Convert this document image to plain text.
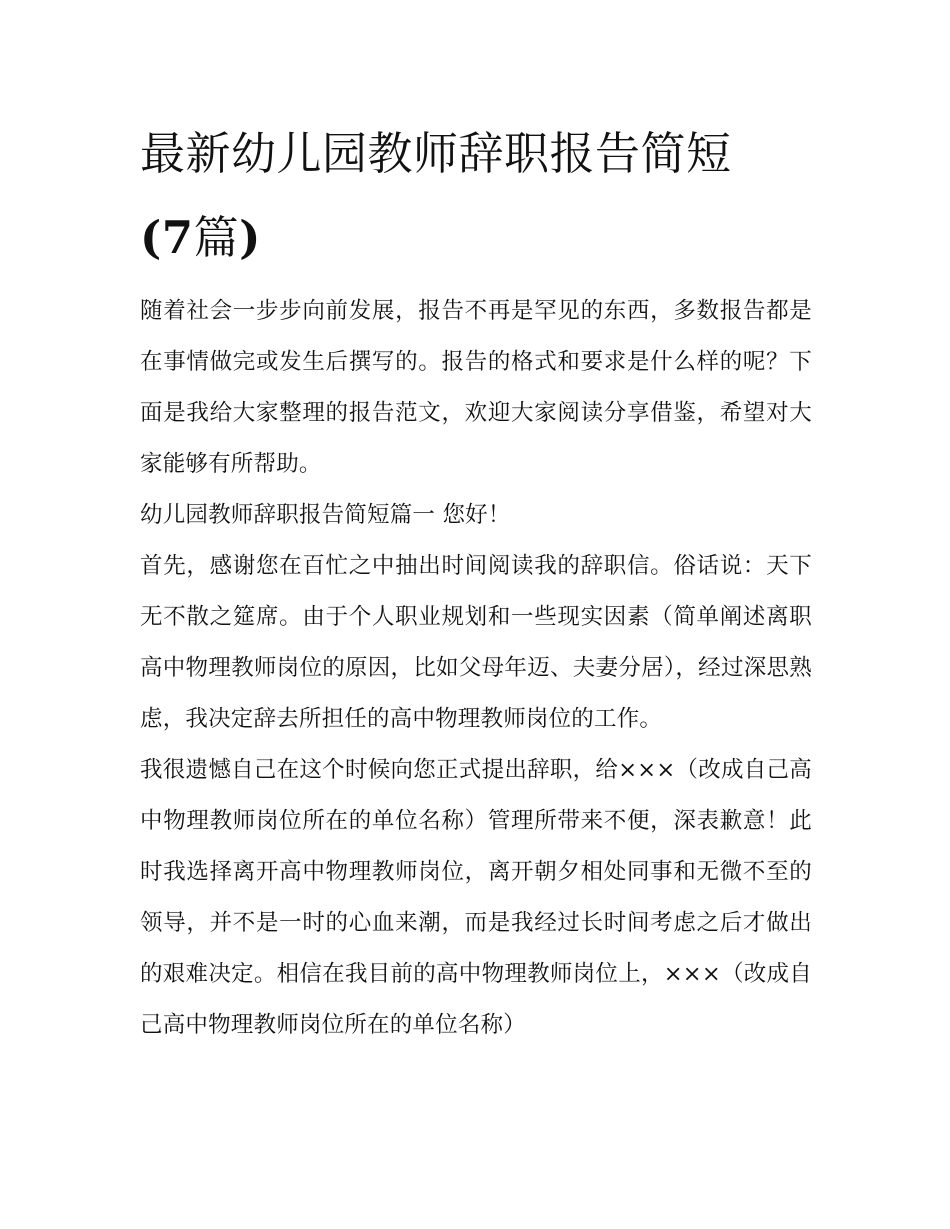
最新幼儿园教师辞职报告简短
(7篇)

随着社会一步步向前发展，报告不再是罕见的东西，多数报告都是在事情做完或发生后撰写的。报告的格式和要求是什么样的呢？下面是我给大家整理的报告范文，欢迎大家阅读分享借鉴，希望对大家能够有所帮助。

幼儿园教师辞职报告简短篇一 您好！

首先，感谢您在百忙之中抽出时间阅读我的辞职信。俗话说：天下无不散之筵席。由于个人职业规划和一些现实因素（简单阐述离职高中物理教师岗位的原因，比如父母年迈、夫妻分居），经过深思熟虑，我决定辞去所担任的高中物理教师岗位的工作。

我很遗憾自己在这个时候向您正式提出辞职，给×××（改成自己高中物理教师岗位所在的单位名称）管理所带来不便，深表歉意！此时我选择离开高中物理教师岗位，离开朝夕相处同事和无微不至的领导，并不是一时的心血来潮，而是我经过长时间考虑之后才做出的艰难决定。相信在我目前的高中物理教师岗位上，×××（改成自己高中物理教师岗位所在的单位名称）
